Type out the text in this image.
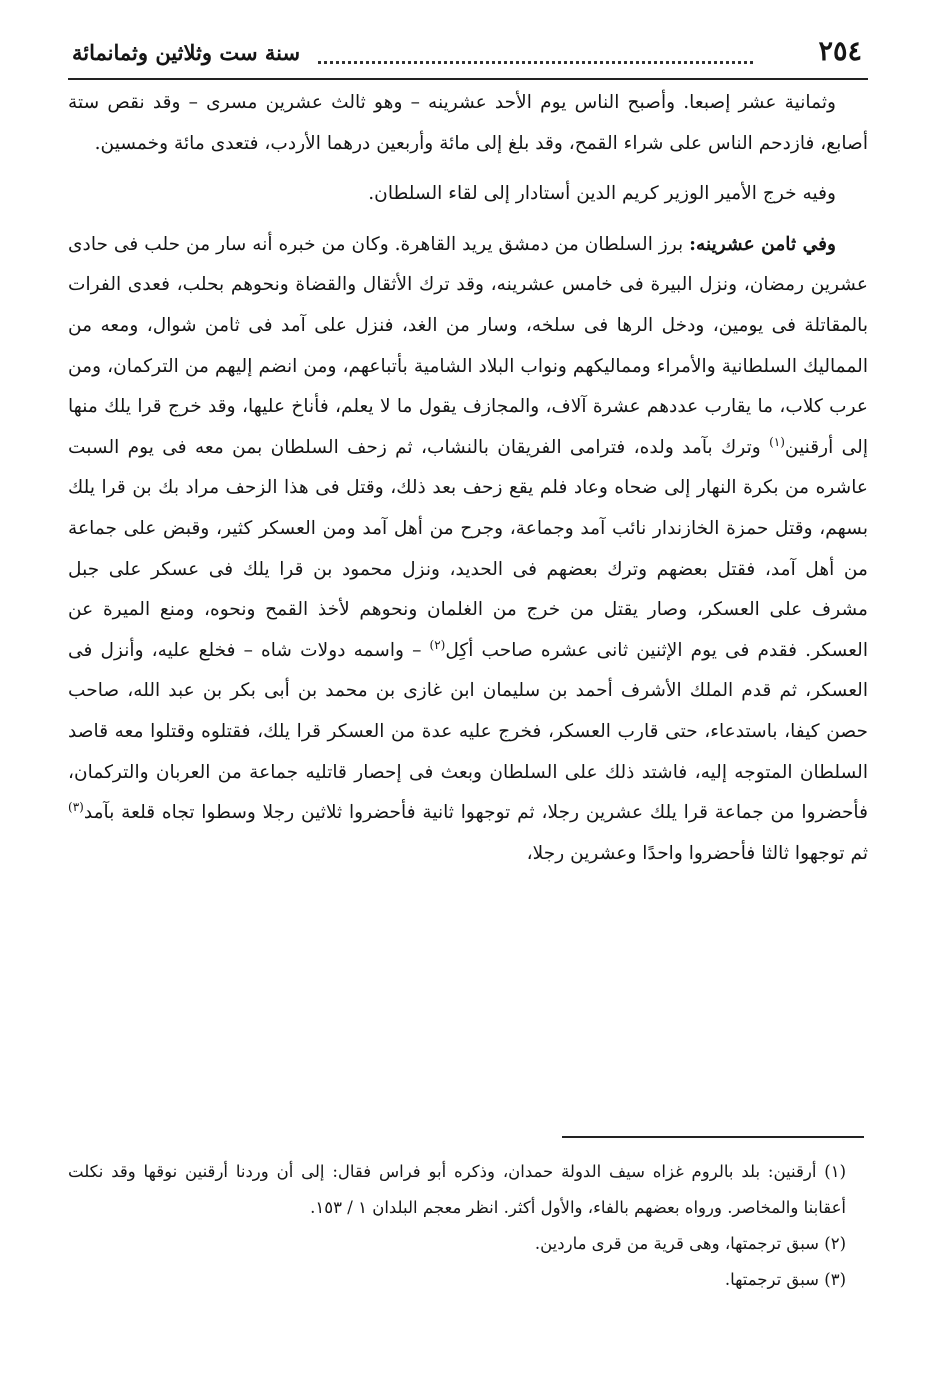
٢٥٤
سنة ست وثلاثين وثمانمائة

وثمانية عشر إصبعا. وأصبح الناس يوم الأحد عشرينه – وهو ثالث عشرين مسرى – وقد نقص ستة أصابع، فازدحم الناس على شراء القمح، وقد بلغ إلى مائة وأربعين درهما الأردب، فتعدى مائة وخمسين.

وفيه خرج الأمير الوزير كريم الدين أستادار إلى لقاء السلطان.

وفي ثامن عشرينه: برز السلطان من دمشق يريد القاهرة. وكان من خبره أنه سار من حلب فى حادى عشرين رمضان، ونزل البيرة فى خامس عشرينه، وقد ترك الأثقال والقضاة ونحوهم بحلب، فعدى الفرات بالمقاتلة فى يومين، ودخل الرها فى سلخه، وسار من الغد، فنزل على آمد فى ثامن شوال، ومعه من المماليك السلطانية والأمراء ومماليكهم ونواب البلاد الشامية بأتباعهم، ومن انضم إليهم من التركمان، ومن عرب كلاب، ما يقارب عددهم عشرة آلاف، والمجازف يقول ما لا يعلم، فأناخ عليها، وقد خرج قرا يلك منها إلى أرقنين$^{(١)}$ وترك بآمد ولده، فترامى الفريقان بالنشاب، ثم زحف السلطان بمن معه فى يوم السبت عاشره من بكرة النهار إلى ضحاه وعاد فلم يقع زحف بعد ذلك، وقتل فى هذا الزحف مراد بك بن قرا يلك بسهم، وقتل حمزة الخازندار نائب آمد وجماعة، وجرح من أهل آمد ومن العسكر كثير، وقبض على جماعة من أهل آمد، فقتل بعضهم وترك بعضهم فى الحديد، ونزل محمود بن قرا يلك فى عسكر على جبل مشرف على العسكر، وصار يقتل من خرج من الغلمان ونحوهم لأخذ القمح ونحوه، ومنع الميرة عن العسكر. فقدم فى يوم الإثنين ثانى عشره صاحب أكِل$^{(٢)}$ – واسمه دولات شاه – فخلع عليه، وأنزل فى العسكر، ثم قدم الملك الأشرف أحمد بن سليمان ابن غازى بن محمد بن أبى بكر بن عبد الله، صاحب حصن كيفا، باستدعاء، حتى قارب العسكر، فخرج عليه عدة من العسكر قرا يلك، فقتلوه وقتلوا معه قاصد السلطان المتوجه إليه، فاشتد ذلك على السلطان وبعث فى إحصار قاتليه جماعة من العربان والتركمان، فأحضروا من جماعة قرا يلك عشرين رجلا، ثم توجهوا ثانية فأحضروا ثلاثين رجلا وسطوا تجاه قلعة بآمد$^{(٣)}$ ثم توجهوا ثالثا فأحضروا واحدًا وعشرين رجلا،

(١) أرقنين: بلد بالروم غزاه سيف الدولة حمدان، وذكره أبو فراس فقال: إلى أن وردنا أرقنين نوقها وقد نكلت أعقابنا والمخاصر. ورواه بعضهم بالفاء، والأول أكثر. انظر معجم البلدان ١ / ١٥٣.

(٢) سبق ترجمتها، وهى قرية من قرى ماردين.

(٣) سبق ترجمتها.
